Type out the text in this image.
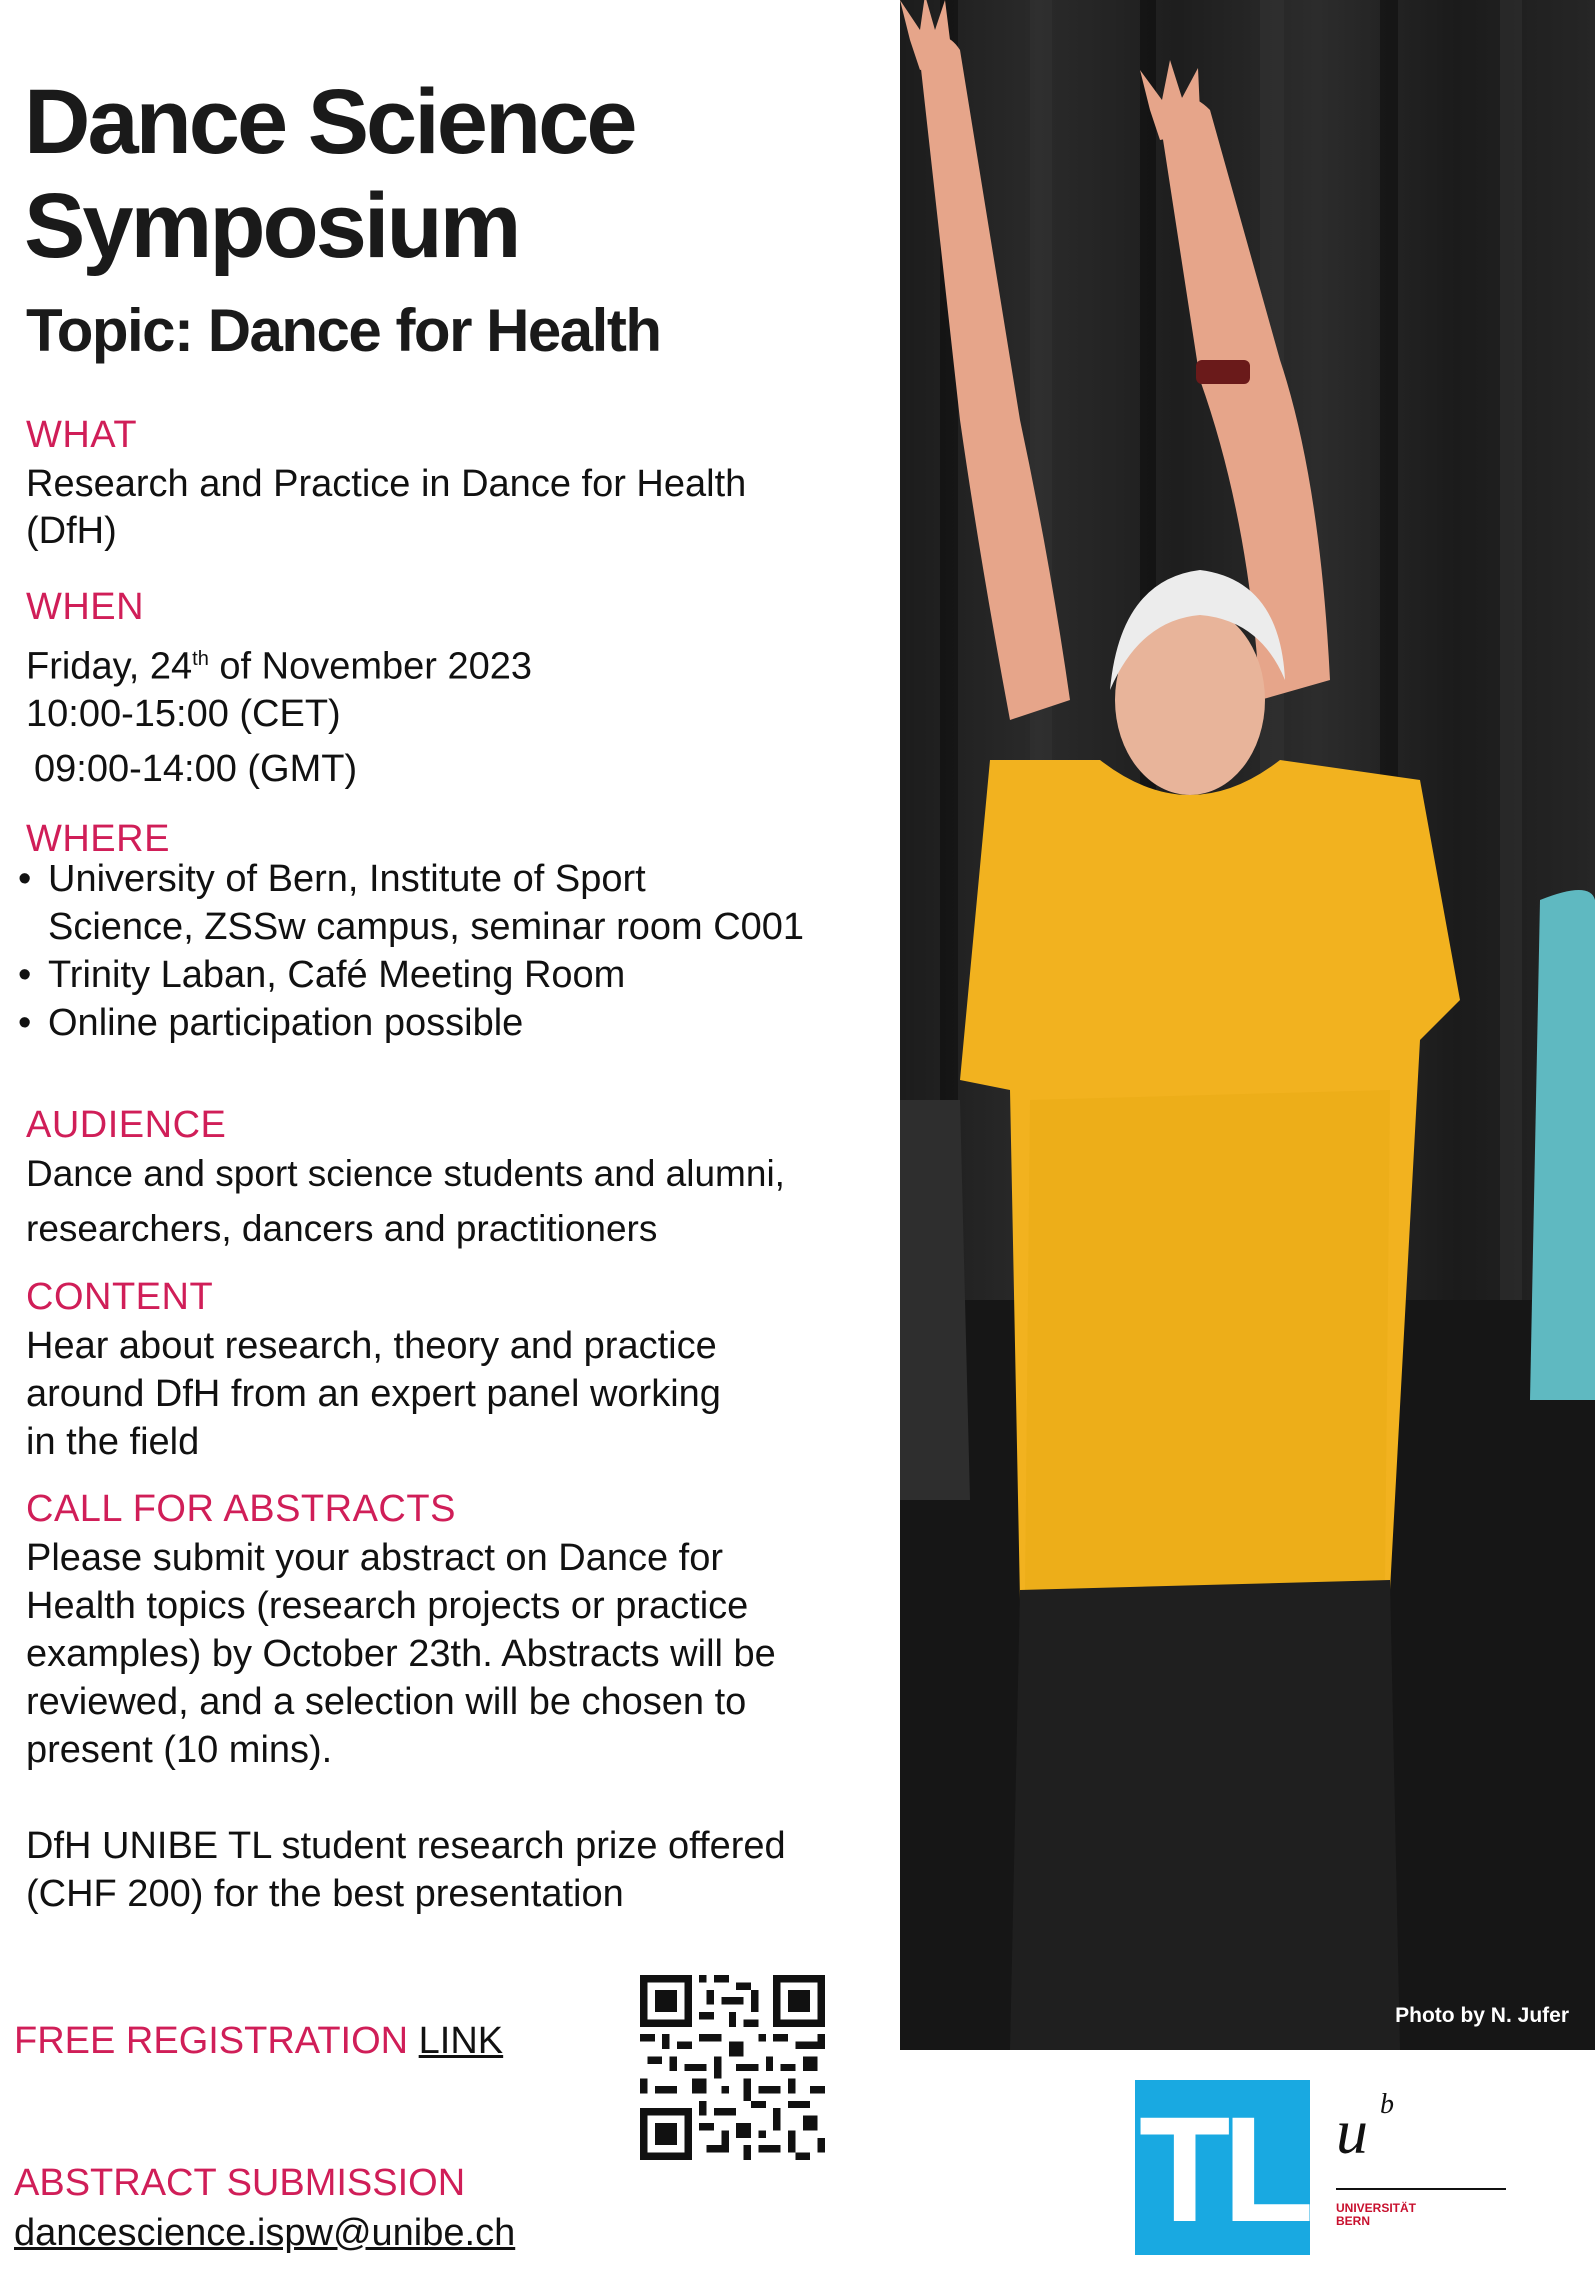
Dance Science
Symposium
Topic: Dance for Health
WHAT
Research and Practice in Dance for Health
(DfH)
WHEN
Friday, 24th of November 2023
10:00-15:00 (CET)
09:00-14:00 (GMT)
WHERE
• University of Bern, Institute of Sport
Science, ZSSw campus, seminar room C001
• Trinity Laban, Café Meeting Room
• Online participation possible
AUDIENCE
Dance and sport science students and alumni,
researchers, dancers and practitioners
CONTENT
Hear about research, theory and practice
around DfH from an expert panel working
in the field
CALL FOR ABSTRACTS
Please submit your abstract on Dance for
Health topics (research projects or practice
examples) by October 23th. Abstracts will be
reviewed, and a selection will be chosen to
present (10 mins).
DfH UNIBE TL student research prize offered
(CHF 200) for the best presentation
Photo by N. Jufer
FREE REGISTRATION LINK
ABSTRACT SUBMISSION
dancescience.ispw@unibe.ch	TL u b
UNIVERSITÄT
BERN
